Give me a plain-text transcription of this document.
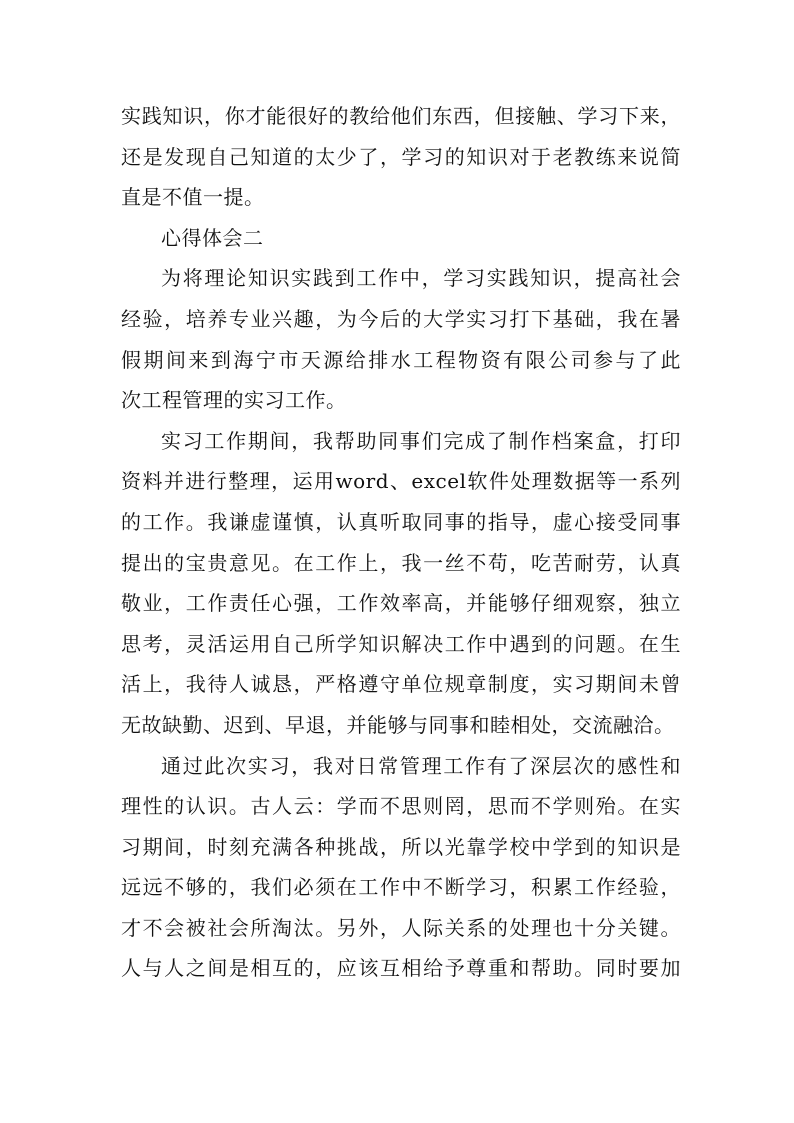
实践知识，你才能很好的教给他们东西，但接触、学习下来，
还是发现自己知道的太少了，学习的知识对于老教练来说简
直是不值一提。
心得体会二
为将理论知识实践到工作中，学习实践知识，提高社会
经验，培养专业兴趣，为今后的大学实习打下基础，我在暑
假期间来到海宁市天源给排水工程物资有限公司参与了此
次工程管理的实习工作。
实习工作期间，我帮助同事们完成了制作档案盒，打印
资料并进行整理，运用word、excel软件处理数据等一系列
的工作。我谦虚谨慎，认真听取同事的指导，虚心接受同事
提出的宝贵意见。在工作上，我一丝不苟，吃苦耐劳，认真
敬业，工作责任心强，工作效率高，并能够仔细观察，独立
思考，灵活运用自己所学知识解决工作中遇到的问题。在生
活上，我待人诚恳，严格遵守单位规章制度，实习期间未曾
无故缺勤、迟到、早退，并能够与同事和睦相处，交流融洽。
通过此次实习，我对日常管理工作有了深层次的感性和
理性的认识。古人云：学而不思则罔，思而不学则殆。在实
习期间，时刻充满各种挑战，所以光靠学校中学到的知识是
远远不够的，我们必须在工作中不断学习，积累工作经验，
才不会被社会所淘汰。另外，人际关系的处理也十分关键。
人与人之间是相互的，应该互相给予尊重和帮助。同时要加
